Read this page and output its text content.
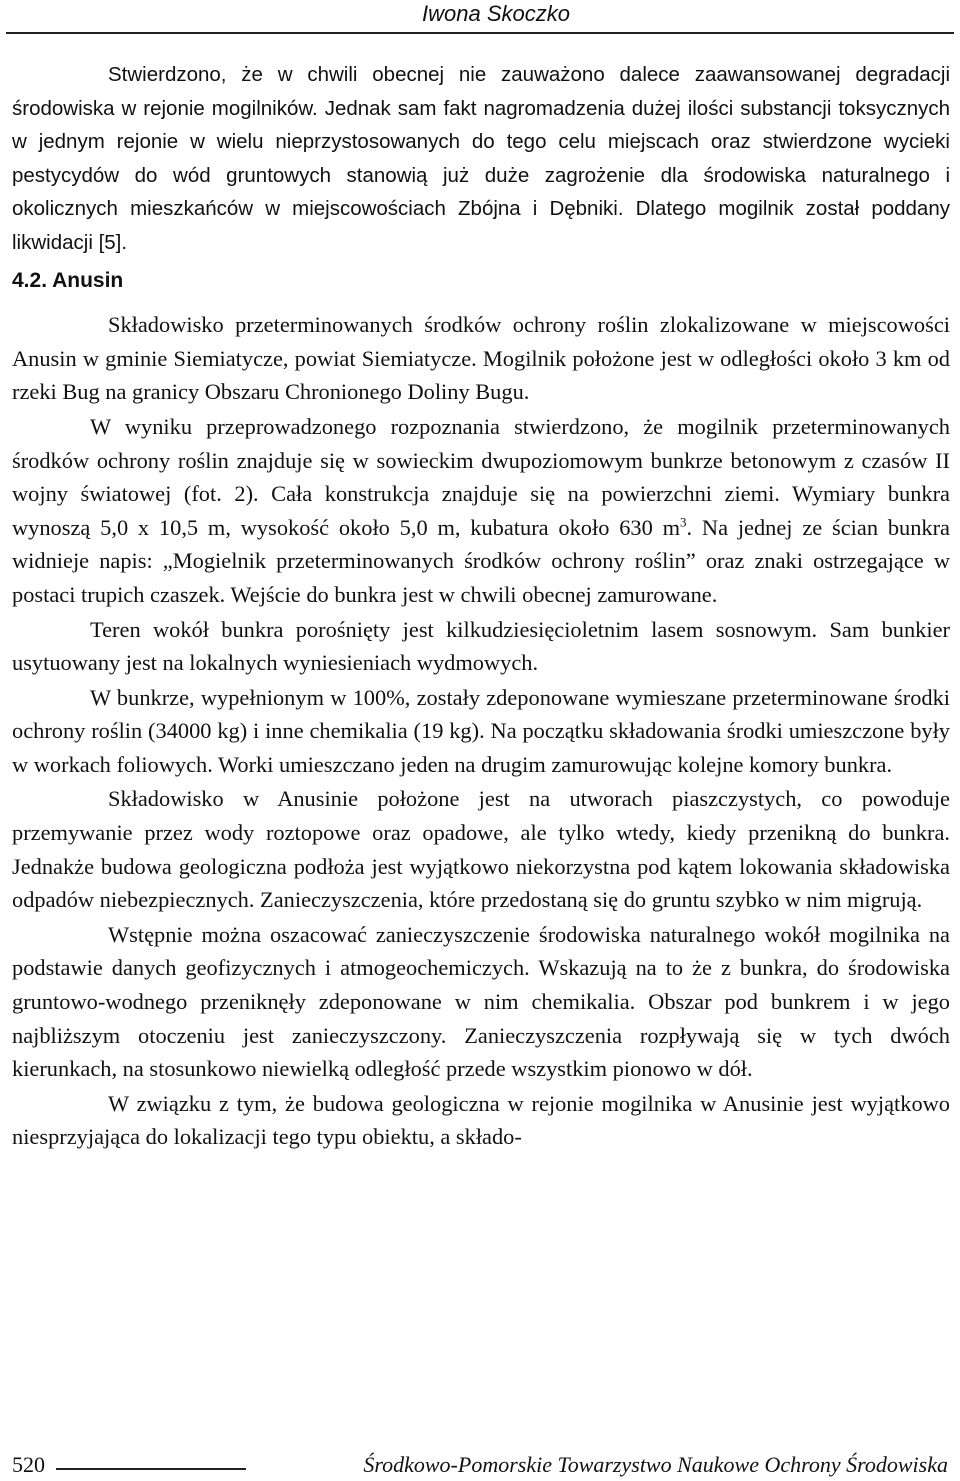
Iwona Skoczko

Stwierdzono, że w chwili obecnej nie zauważono dalece zaawansowanej degradacji środowiska w rejonie mogilników. Jednak sam fakt nagromadzenia dużej ilości substancji toksycznych w jednym rejonie w wielu nieprzystosowanych do tego celu miejscach oraz stwierdzone wycieki pestycydów do wód gruntowych stanowią już duże zagrożenie dla środowiska naturalnego i okolicznych mieszkańców w miejscowościach Zbójna i Dębniki. Dlatego mogilnik został poddany likwidacji [5].

4.2. Anusin

Składowisko przeterminowanych środków ochrony roślin zlokalizowane w miejscowości Anusin w gminie Siemiatycze, powiat Siemiatycze. Mogilnik położone jest w odległości około 3 km od rzeki Bug na granicy Obszaru Chronionego Doliny Bugu.

W wyniku przeprowadzonego rozpoznania stwierdzono, że mogilnik przeterminowanych środków ochrony roślin znajduje się w sowieckim dwupoziomowym bunkrze betonowym z czasów II wojny światowej (fot. 2). Cała konstrukcja znajduje się na powierzchni ziemi. Wymiary bunkra wynoszą 5,0 x 10,5 m, wysokość około 5,0 m, kubatura około 630 $m^3$. Na jednej ze ścian bunkra widnieje napis: „Mogielnik przeterminowanych środków ochrony roślin” oraz znaki ostrzegające w postaci trupich czaszek. Wejście do bunkra jest w chwili obecnej zamurowane.

Teren wokół bunkra porośnięty jest kilkudziesięcioletnim lasem sosnowym. Sam bunkier usytuowany jest na lokalnych wyniesieniach wydmowych.

W bunkrze, wypełnionym w 100%, zostały zdeponowane wymieszane przeterminowane środki ochrony roślin (34000 kg) i inne chemikalia (19 kg). Na początku składowania środki umieszczone były w workach foliowych. Worki umieszczano jeden na drugim zamurowując kolejne komory bunkra.

Składowisko w Anusinie położone jest na utworach piaszczystych, co powoduje przemywanie przez wody roztopowe oraz opadowe, ale tylko wtedy, kiedy przenikną do bunkra. Jednakże budowa geologiczna podłoża jest wyjątkowo niekorzystna pod kątem lokowania składowiska odpadów niebezpiecznych. Zanieczyszczenia, które przedostaną się do gruntu szybko w nim migrują.

Wstępnie można oszacować zanieczyszczenie środowiska naturalnego wokół mogilnika na podstawie danych geofizycznych i atmogeochemiczych. Wskazują na to że z bunkra, do środowiska gruntowo-wodnego przeniknęły zdeponowane w nim chemikalia. Obszar pod bunkrem i w jego najbliższym otoczeniu jest zanieczyszczony. Zanieczyszczenia rozpływają się w tych dwóch kierunkach, na stosunkowo niewielką odległość przede wszystkim pionowo w dół.

W związku z tym, że budowa geologiczna w rejonie mogilnika w Anusinie jest wyjątkowo niesprzyjająca do lokalizacji tego typu obiektu, a składo-

520	Środkowo-Pomorskie Towarzystwo Naukowe Ochrony Środowiska
